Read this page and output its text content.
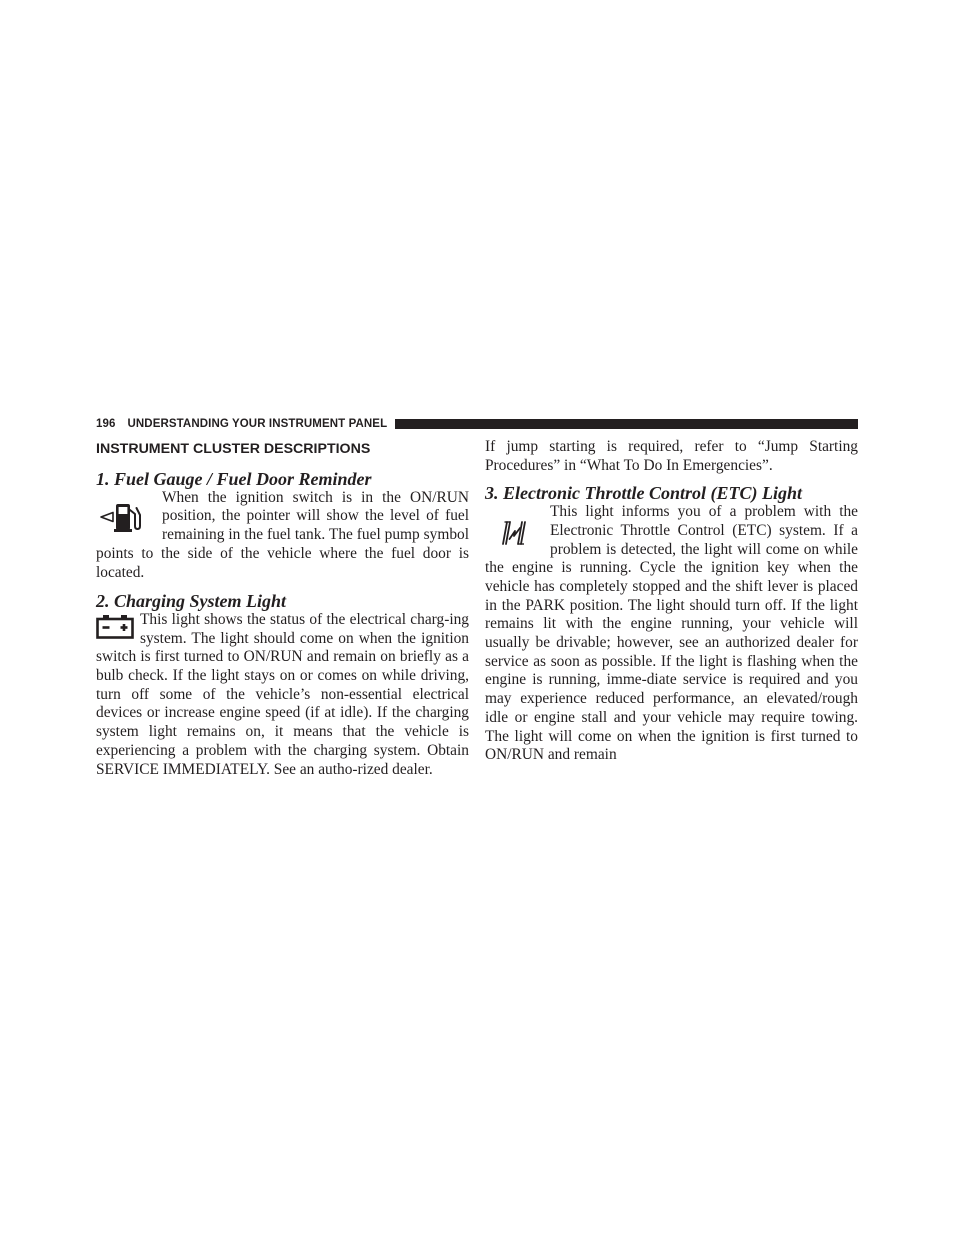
196 UNDERSTANDING YOUR INSTRUMENT PANEL
INSTRUMENT CLUSTER DESCRIPTIONS
1. Fuel Gauge / Fuel Door Reminder

When the ignition switch is in the ON/RUN position, the pointer will show the level of fuel remaining in the fuel tank. The fuel pump symbol points to the side of the vehicle where the fuel door is located.

2. Charging System Light

This light shows the status of the electrical charg-ing system. The light should come on when the ignition switch is first turned to ON/RUN and remain on briefly as a bulb check. If the light stays on or comes on while driving, turn off some of the vehicle’s non-essential electrical devices or increase engine speed (if at idle). If the charging system light remains on, it means that the vehicle is experiencing a problem with the charging system. Obtain SERVICE IMMEDIATELY. See an autho-rized dealer.

If jump starting is required, refer to “Jump Starting Procedures” in “What To Do In Emergencies”.

3. Electronic Throttle Control (ETC) Light

This light informs you of a problem with the Electronic Throttle Control (ETC) system. If a problem is detected, the light will come on while the engine is running. Cycle the ignition key when the vehicle has completely stopped and the shift lever is placed in the PARK position. The light should turn off. If the light remains lit with the engine running, your vehicle will usually be drivable; however, see an authorized dealer for service as soon as possible. If the light is flashing when the engine is running, imme-diate service is required and you may experience reduced performance, an elevated/rough idle or engine stall and your vehicle may require towing. The light will come on when the ignition is first turned to ON/RUN and remain
